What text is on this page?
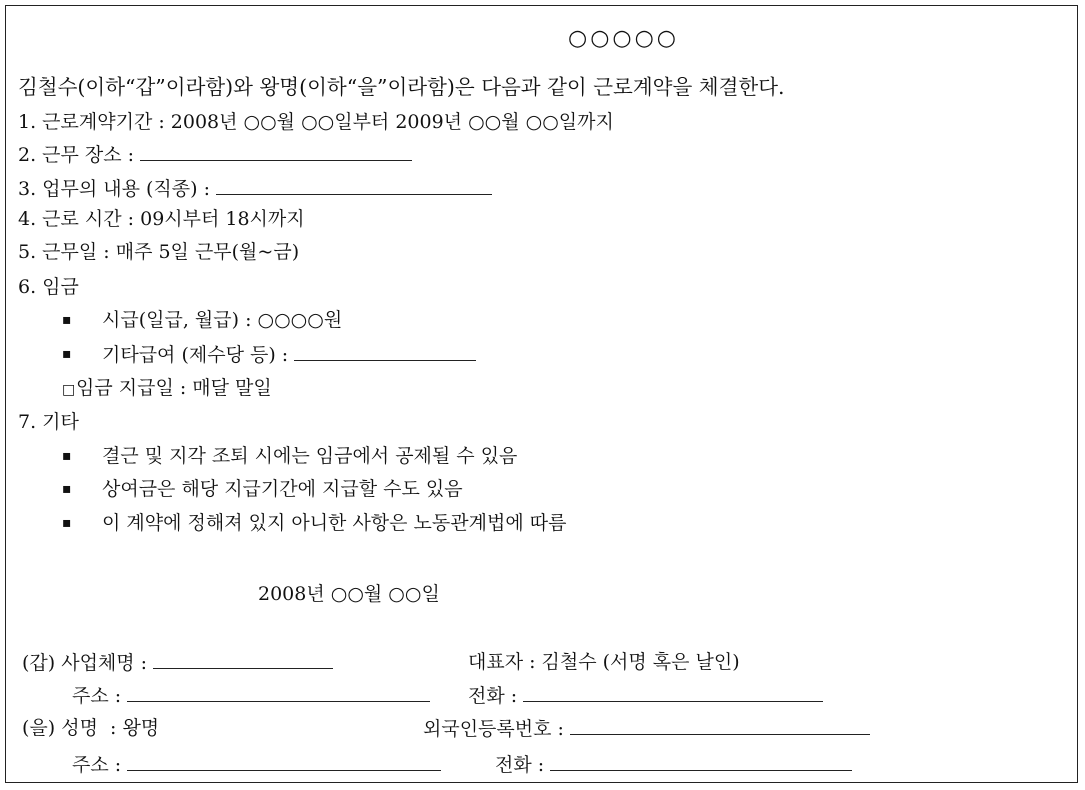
○○○○○
김철수(이하“갑”이라함)와 왕명(이하“을”이라함)은 다음과 같이 근로계약을 체결한다.
1. 근로계약기간 : 2008년 ○○월 ○○일부터 2009년 ○○월 ○○일까지
2. 근무 장소 :
3. 업무의 내용 (직종) :
4. 근로 시간 : 09시부터 18시까지
5. 근무일 : 매주 5일 근무(월~금)
6. 임금
▪ 시급(일급, 월급) : ○○○○원
▪ 기타급여 (제수당 등) :
□임금 지급일 : 매달 말일
7. 기타
▪ 결근 및 지각 조퇴 시에는 임금에서 공제될 수 있음
▪ 상여금은 해당 지급기간에 지급할 수도 있음
▪ 이 계약에 정해져 있지 아니한 사항은 노동관계법에 따름
2008년 ○○월 ○○일
(갑) 사업체명 :	대표자 : 김철수 (서명 혹은 날인)
주소 :	전화 :
(을) 성명  : 왕명	외국인등록번호 :
주소 :	전화 :
